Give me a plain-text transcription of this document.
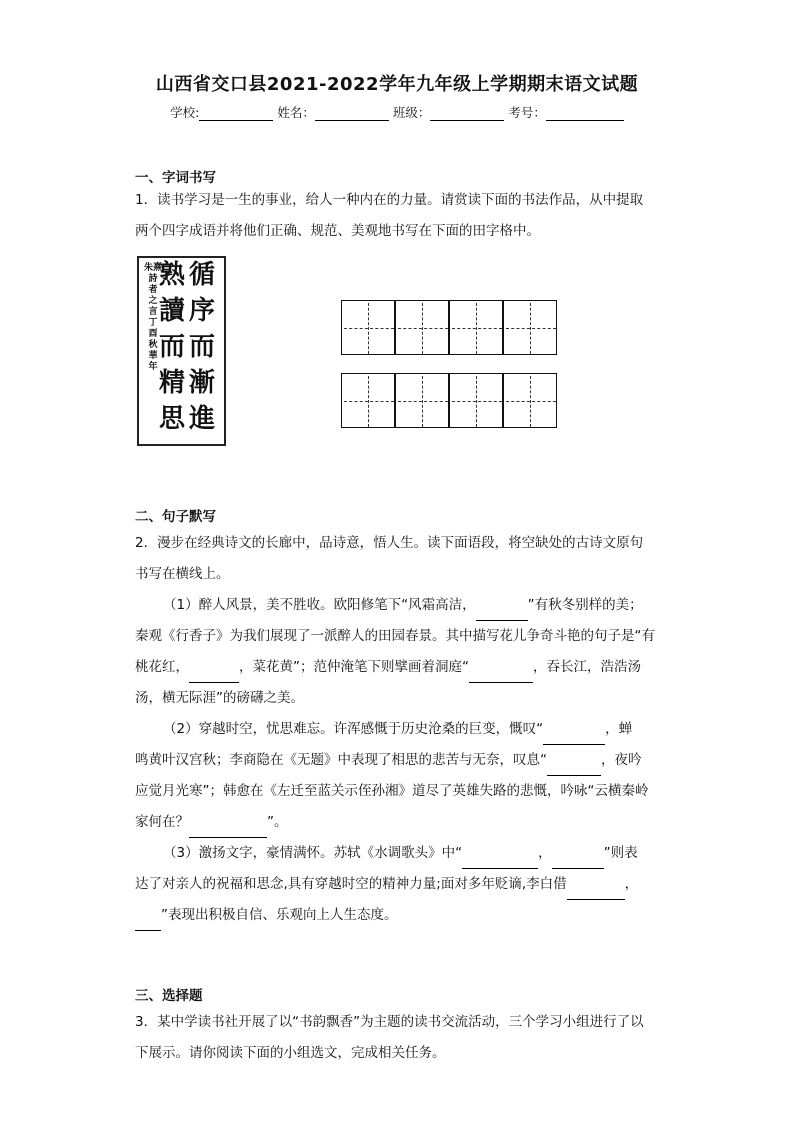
山西省交口县2021-2022学年九年级上学期期末语文试题
学校:	姓名：	班级：	考号：
一、字词书写
1．读书学习是一生的事业，给人一种内在的力量。请赏读下面的书法作品，从中提取
两个四字成语并将他们正确、规范、美观地书写在下面的田字格中。
循
序
而
漸
進
熟
讀
而
精
思
朱熹
詩
者
之
言
丁
酉
秋
華
年
二、句子默写
2．漫步在经典诗文的长廊中，品诗意，悟人生。读下面语段，将空缺处的古诗文原句
书写在横线上。
（1）醉人风景，美不胜收。欧阳修笔下“风霜高洁，	”有秋冬别样的美；
秦观《行香子》为我们展现了一派醉人的田园春景。其中描写花儿争奇斗艳的句子是“有
桃花红，	，菜花黄”；范仲淹笔下则擘画着洞庭“	，吞长江，浩浩汤
汤，横无际涯”的磅礴之美。
（2）穿越时空，忧思难忘。许浑感慨于历史沧桑的巨变，慨叹“	，蝉
鸣黄叶汉宫秋；李商隐在《无题》中表现了相思的悲苦与无奈，叹息“	，夜吟
应觉月光寒”；韩愈在《左迁至蓝关示侄孙湘》道尽了英雄失路的悲慨，吟咏“云横秦岭
家何在？	”。
（3）激扬文字，豪情满怀。苏轼《水调歌头》中“	，	”则表
达了对亲人的祝福和思念,具有穿越时空的精神力量;面对多年贬谪,李白借	，
”表现出积极自信、乐观向上人生态度。
三、选择题
3．某中学读书社开展了以“书韵飘香”为主题的读书交流活动，三个学习小组进行了以
下展示。请你阅读下面的小组选文，完成相关任务。
